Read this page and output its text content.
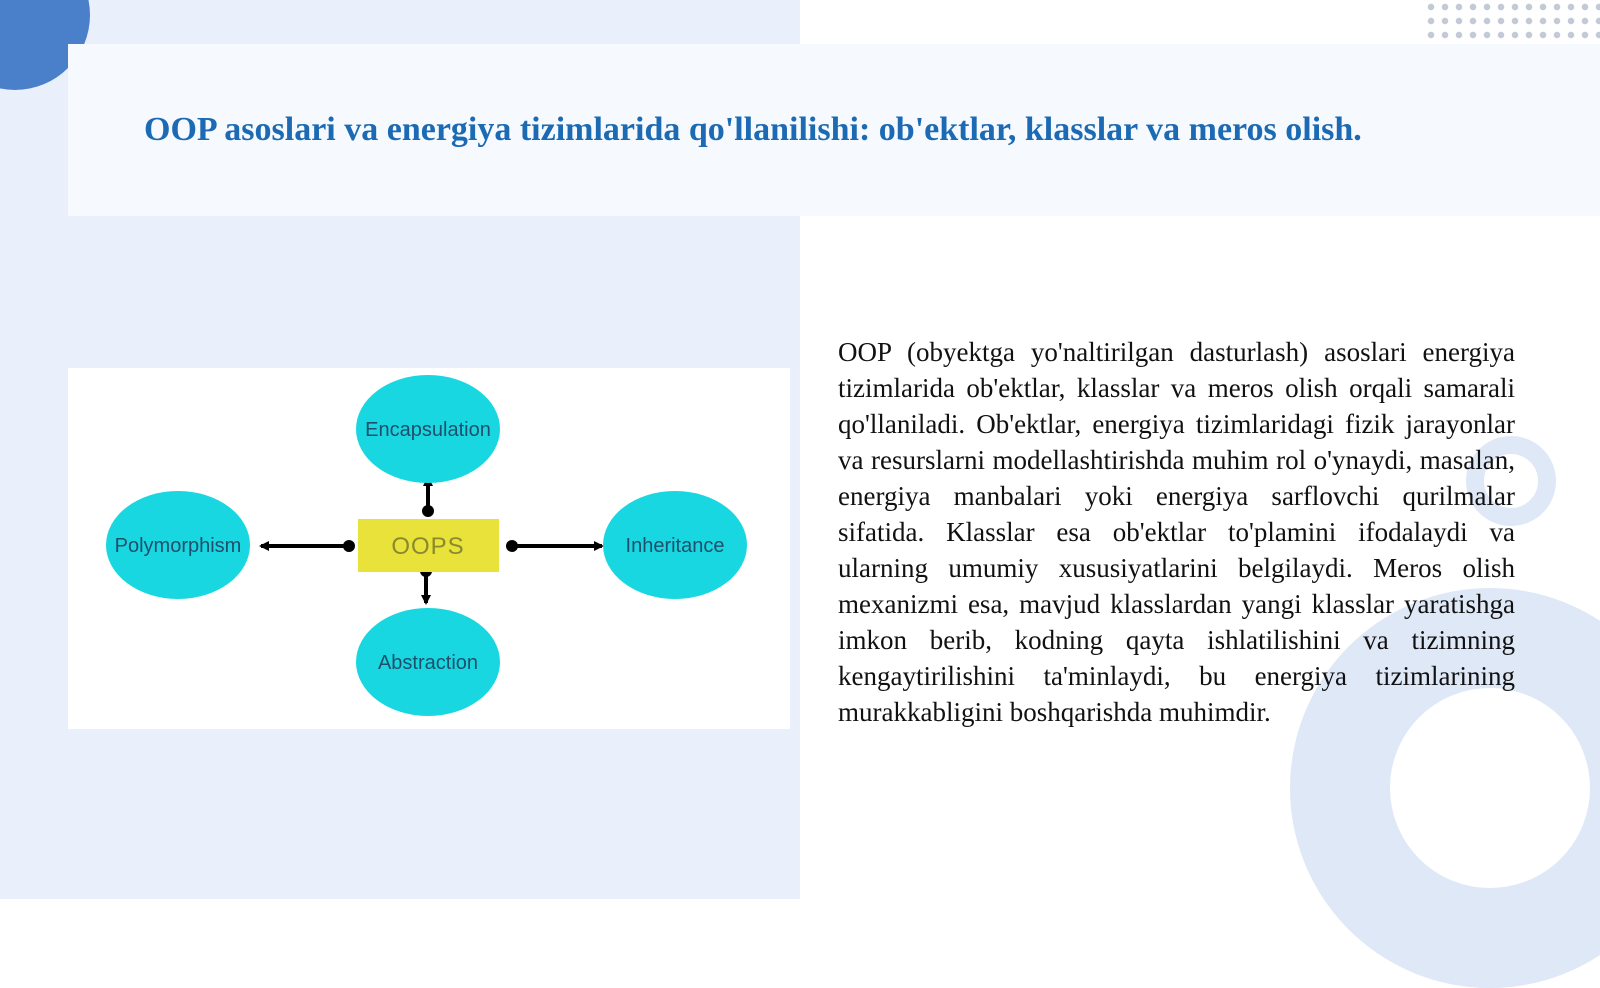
OOP asoslari va energiya tizimlarida qo'llanilishi: ob'ektlar, klasslar va meros olish.
Encapsulation
Polymorphism	Inheritance
Abstraction
OOPS

OOP (obyektga yo'naltirilgan dasturlash) asoslari energiya tizimlarida ob'ektlar, klasslar va meros olish orqali samarali qo'llaniladi. Ob'ektlar, energiya tizimlaridagi fizik jarayonlar va resurslarni modellashtirishda muhim rol o'ynaydi, masalan, energiya manbalari yoki energiya sarflovchi qurilmalar sifatida. Klasslar esa ob'ektlar to'plamini ifodalaydi va ularning umumiy xususiyatlarini belgilaydi. Meros olish mexanizmi esa, mavjud klasslardan yangi klasslar yaratishga imkon berib, kodning qayta ishlatilishini va tizimning kengaytirilishini ta'minlaydi, bu energiya tizimlarining murakkabligini boshqarishda muhimdir.
